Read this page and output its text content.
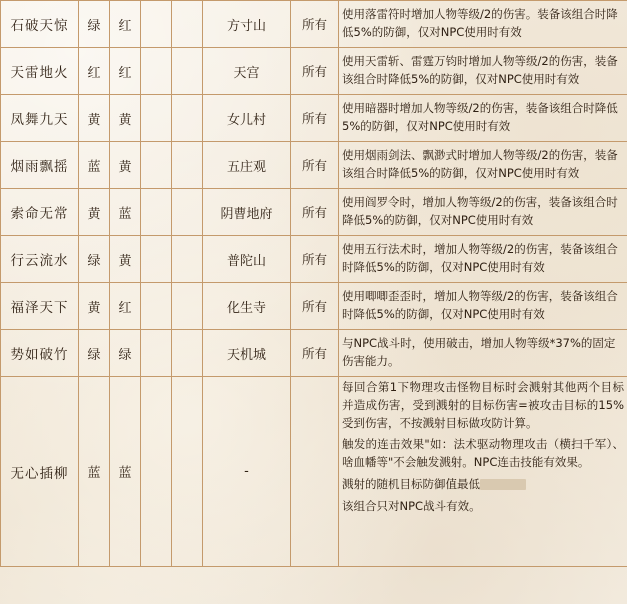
石破天惊	绿	红			方寸山	所有	使用落雷符时增加人物等级/2的伤害。装备该组合时降低5%的防御，仅对NPC使用时有效
天雷地火	红	红			天宫	所有	使用天雷斩、雷霆万钧时增加人物等级/2的伤害，装备该组合时降低5%的防御，仅对NPC使用时有效
凤舞九天	黄	黄			女儿村	所有	使用暗器时增加人物等级/2的伤害，装备该组合时降低5%的防御，仅对NPC使用时有效
烟雨飘摇	蓝	黄			五庄观	所有	使用烟雨剑法、飘渺式时增加人物等级/2的伤害，装备该组合时降低5%的防御，仅对NPC使用时有效
索命无常	黄	蓝			阴曹地府	所有	使用阎罗令时，增加人物等级/2的伤害，装备该组合时降低5%的防御，仅对NPC使用时有效
行云流水	绿	黄			普陀山	所有	使用五行法术时，增加人物等级/2的伤害，装备该组合时降低5%的防御，仅对NPC使用时有效
福泽天下	黄	红			化生寺	所有	使用唧唧歪歪时，增加人物等级/2的伤害，装备该组合时降低5%的防御，仅对NPC使用时有效
势如破竹	绿	绿			天机城	所有	与NPC战斗时，使用破击，增加人物等级*37%的固定伤害能力。
无心插柳	蓝	蓝			-		每回合第1下物理攻击怪物目标时会溅射其他两个目标并造成伤害，受到溅射的目标伤害=被攻击目标的15%受到伤害，不按溅射目标做攻防计算。

触发的连击效果"如：法术驱动物理攻击（横扫千军）、啥血幡等"不会触发溅射。NPC连击技能有效果。

溅射的随机目标防御值最低

该组合只对NPC战斗有效。
